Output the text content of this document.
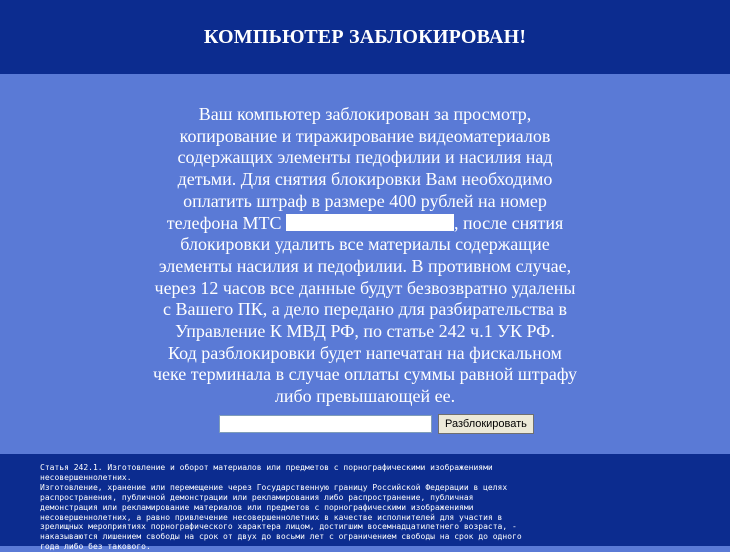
КОМПЬЮТЕР ЗАБЛОКИРОВАН!
Ваш компьютер заблокирован за просмотр,
копирование и тиражирование видеоматериалов
содержащих элементы педофилии и насилия над
детьми. Для снятия блокировки Вам необходимо
оплатить штраф в размере 400 рублей на номер
телефона МТС	, после снятия
блокировки удалить все материалы содержащие
элементы насилия и педофилии. В противном случае,
через 12 часов все данные будут безвозвратно удалены
с Вашего ПК, а дело передано для разбирательства в
Управление К МВД РФ, по статье 242 ч.1 УК РФ.
Код разблокировки будет напечатан на фискальном
чеке терминала в случае оплаты суммы равной штрафу
либо превышающей ее.
Разблокировать
Статья 242.1. Изготовление и оборот материалов или предметов с порнографическими изображениями
несовершеннолетних.
Изготовление, хранение или перемещение через Государственную границу Российской Федерации в целях
распространения, публичной демонстрации или рекламирования либо распространение, публичная
демонстрация или рекламирование материалов или предметов с порнографическими изображениями
несовершеннолетних, а равно привлечение несовершеннолетних в качестве исполнителей для участия в
зрелищных мероприятиях порнографического характера лицом, достигшим восемнадцатилетнего возраста, -
наказываются лишением свободы на срок от двух до восьми лет с ограничением свободы на срок до одного
года либо без такового.
